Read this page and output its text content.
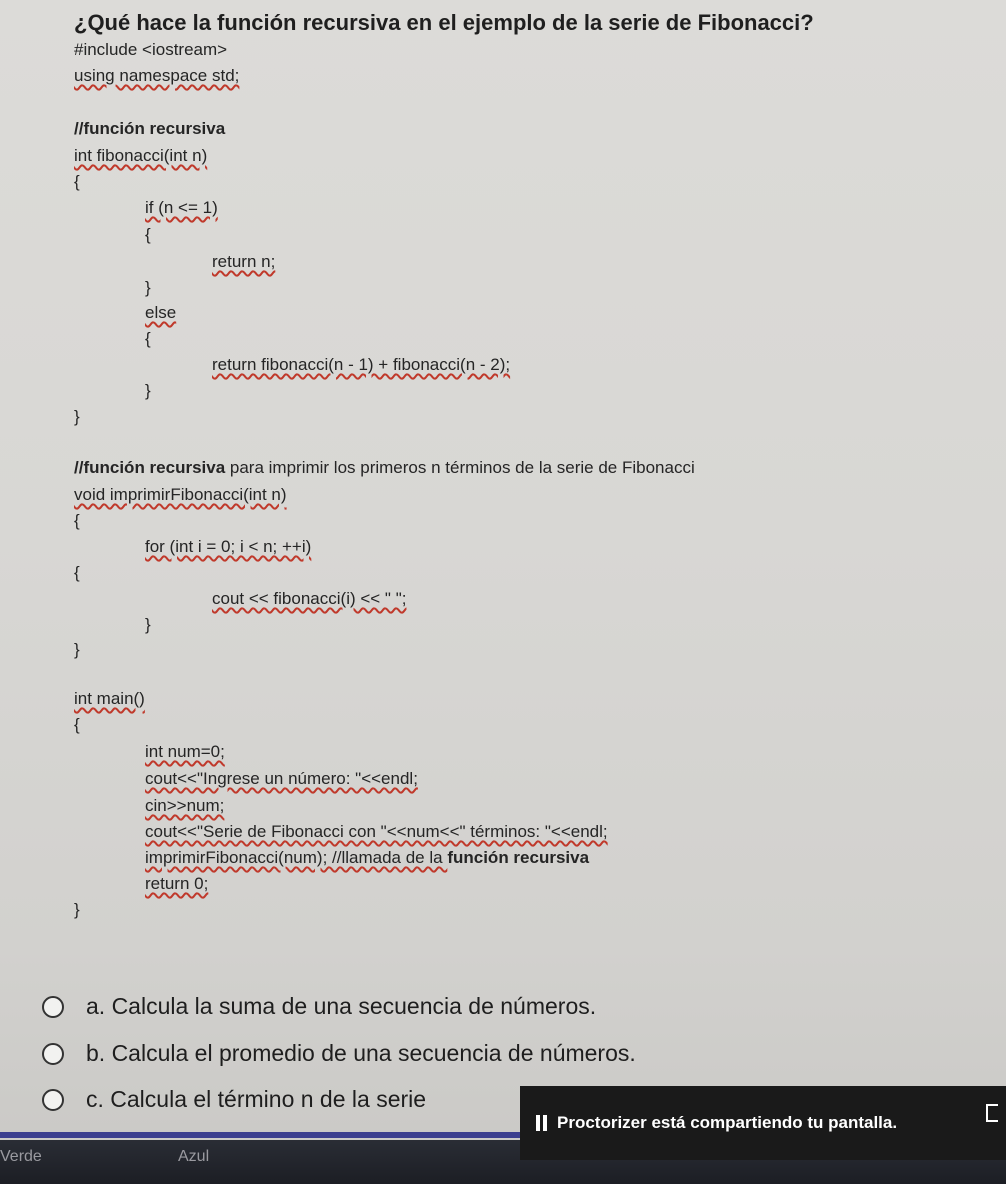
¿Qué hace la función recursiva en el ejemplo de la serie de Fibonacci?
#include <iostream>
using namespace std;
//función recursiva
int fibonacci(int n)
{
if (n <= 1)
{
return n;
}
else
{
return fibonacci(n - 1) + fibonacci(n - 2);
}
}
//función recursiva para imprimir los primeros n términos de la serie de Fibonacci
void imprimirFibonacci(int n)
{
for (int i = 0; i < n; ++i)
{
cout << fibonacci(i) << " ";
}
}
int main()
{
int num=0;
cout<<"Ingrese un número: "<<endl;
cin>>num;
cout<<"Serie de Fibonacci con "<<num<<" términos: "<<endl;
imprimirFibonacci(num); //llamada de la función recursiva
return 0;
}
a. Calcula la suma de una secuencia de números.
b. Calcula el promedio de una secuencia de números.
c. Calcula el término n de la serie
Verde	Azul
Proctorizer está compartiendo tu pantalla.
